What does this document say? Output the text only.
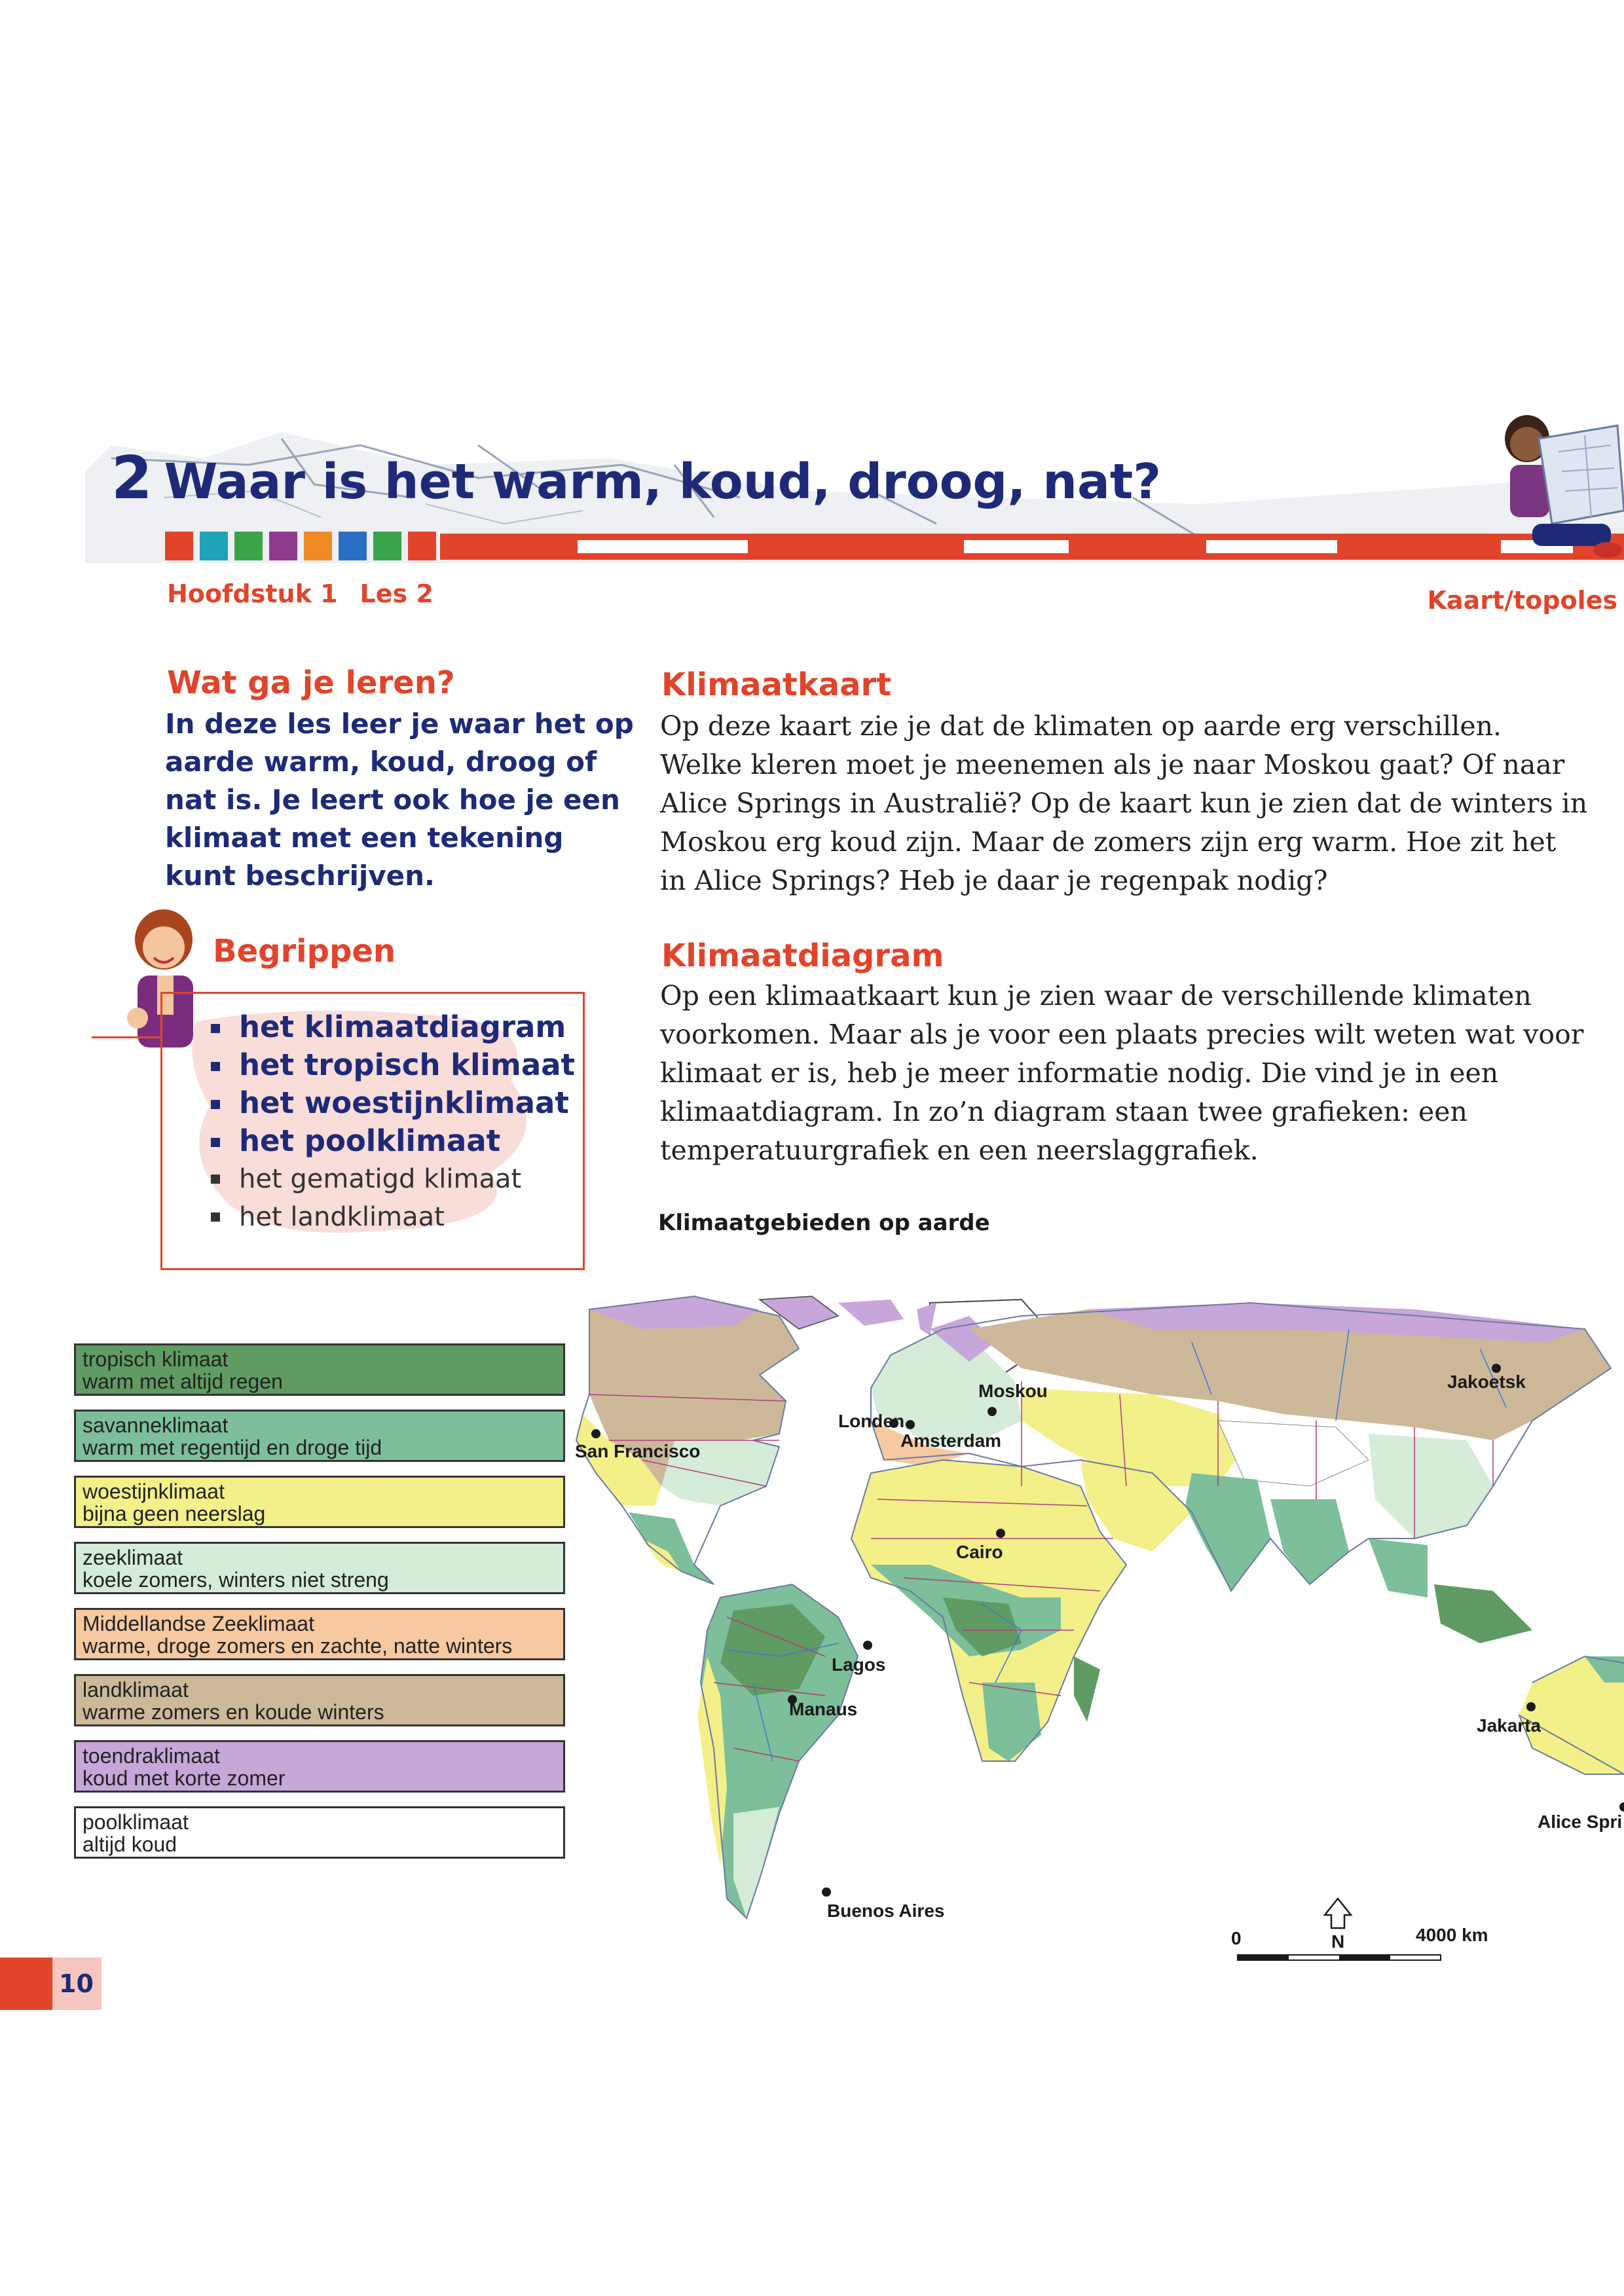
2 Waar is het warm, koud, droog, nat?
Hoofdstuk 1 Les 2	Kaart/topoles
Wat ga je leren?
In deze les leer je waar het op aarde warm, koud, droog of nat is. Je leert ook hoe je een klimaat met een tekening kunt beschrijven.
Begrippen
het klimaatdiagram
het tropisch klimaat
het woestijnklimaat
het poolklimaat
het gematigd klimaat
het landklimaat
Klimaatkaart
Op deze kaart zie je dat de klimaten op aarde erg verschillen. Welke kleren moet je meenemen als je naar Moskou gaat? Of naar Alice Springs in Australië? Op de kaart kun je zien dat de winters in Moskou erg koud zijn. Maar de zomers zijn erg warm. Hoe zit het in Alice Springs? Heb je daar je regenpak nodig?
Klimaatdiagram
Op een klimaatkaart kun je zien waar de verschillende klimaten voorkomen. Maar als je voor een plaats precies wilt weten wat voor klimaat er is, heb je meer informatie nodig. Die vind je in een klimaatdiagram. In zo’n diagram staan twee grafieken: een temperatuurgrafiek en een neerslaggrafiek.
Klimaatgebieden op aarde
tropisch klimaat
warm met altijd regen
savanneklimaat
warm met regentijd en droge tijd
woestijnklimaat
bijna geen neerslag
zeeklimaat
koele zomers, winters niet streng
Middellandse Zeeklimaat
warme, droge zomers en zachte, natte winters
landklimaat
warme zomers en koude winters
toendraklimaat
koud met korte zomer
poolklimaat
altijd koud
San Francisco
Londen
Amsterdam
Moskou	Jakoetsk
Cairo
Lagos
Manaus
Jakarta
Alice Spri
Buenos Aires
N
0	4000 km
10
